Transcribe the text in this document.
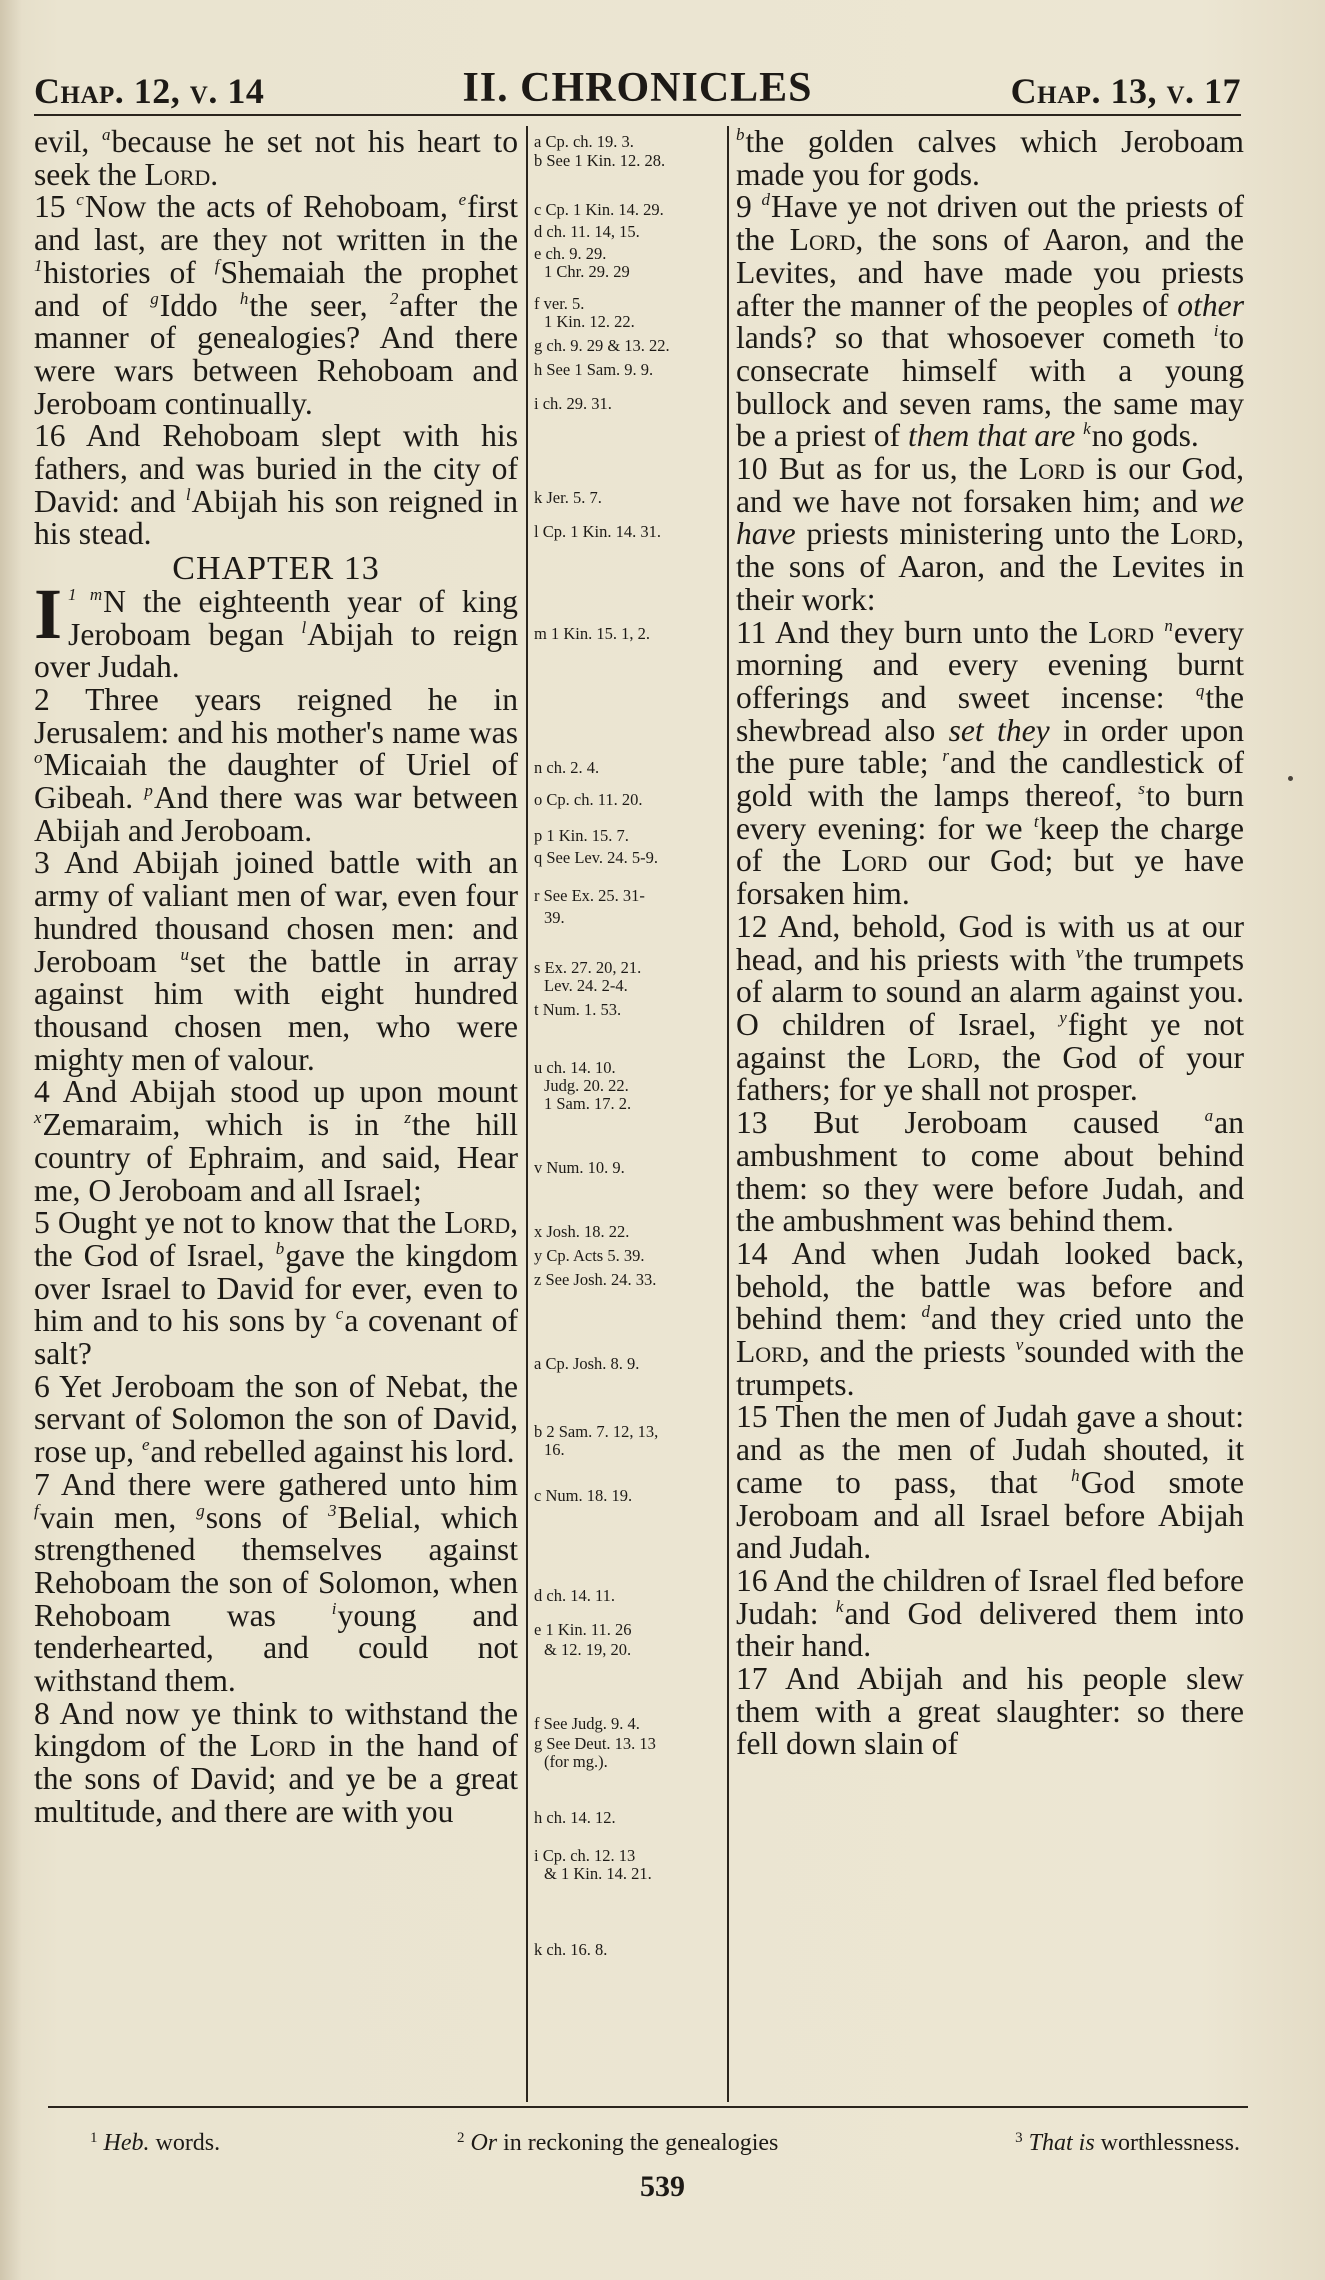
Chap. 12, v. 14	II. CHRONICLES	Chap. 13, v. 17

evil, $^a$because he set not his heart to seek the Lord.

15 $^c$Now the acts of Rehoboam, $^e$first and last, are they not written in the $^1$histories of $^f$Shemaiah the prophet and of $^g$Iddo $^h$the seer, $^2$after the manner of genealogies? And there were wars between Rehoboam and Jeroboam continually.

16 And Rehoboam slept with his fathers, and was buried in the city of David: and $^l$Abijah his son reigned in his stead.

CHAPTER 13

$^{1 m}$
I N the eighteenth year of king Jeroboam began $^l$Abijah to reign over Judah.

2 Three years reigned he in Jerusalem: and his mother's name was $^o$Micaiah the daughter of Uriel of Gibeah. $^p$And there was war between Abijah and Jeroboam.

3 And Abijah joined battle with an army of valiant men of war, even four hundred thousand chosen men: and Jeroboam $^u$set the battle in array against him with eight hundred thousand chosen men, who were mighty men of valour.

4 And Abijah stood up upon mount $^x$Zemaraim, which is in $^z$the hill country of Ephraim, and said, Hear me, O Jeroboam and all Israel;

5 Ought ye not to know that the Lord, the God of Israel, $^b$gave the kingdom over Israel to David for ever, even to him and to his sons by $^c$a covenant of salt?

6 Yet Jeroboam the son of Nebat, the servant of Solomon the son of David, rose up, $^e$and rebelled against his lord.

7 And there were gathered unto him $^f$vain men, $^g$sons of $^3$Belial, which strengthened themselves against Rehoboam the son of Solomon, when Rehoboam was $^i$young and tenderhearted, and could not withstand them.

8 And now ye think to withstand the kingdom of the Lord in the hand of the sons of David; and ye be a great multitude, and there are with you

a Cp. ch. 19. 3.
b See 1 Kin. 12. 28.
c Cp. 1 Kin. 14. 29.
d ch. 11. 14, 15.
e ch. 9. 29.
1 Chr. 29. 29
f ver. 5.
1 Kin. 12. 22.
g ch. 9. 29 & 13. 22.
h See 1 Sam. 9. 9.
i ch. 29. 31.
k Jer. 5. 7.
l Cp. 1 Kin. 14. 31.
m 1 Kin. 15. 1, 2.
n ch. 2. 4.
o Cp. ch. 11. 20.
p 1 Kin. 15. 7.
q See Lev. 24. 5-9.
r See Ex. 25. 31-
39.
s Ex. 27. 20, 21.
Lev. 24. 2-4.
t Num. 1. 53.
u ch. 14. 10.
Judg. 20. 22.
1 Sam. 17. 2.
v Num. 10. 9.
x Josh. 18. 22.
y Cp. Acts 5. 39.
z See Josh. 24. 33.
a Cp. Josh. 8. 9.
b 2 Sam. 7. 12, 13,
16.
c Num. 18. 19.
d ch. 14. 11.
e 1 Kin. 11. 26
& 12. 19, 20.
f See Judg. 9. 4.
g See Deut. 13. 13
(for mg.).
h ch. 14. 12.
i Cp. ch. 12. 13
& 1 Kin. 14. 21.
k ch. 16. 8.

$^b$the golden calves which Jeroboam made you for gods.

9 $^d$Have ye not driven out the priests of the Lord, the sons of Aaron, and the Levites, and have made you priests after the manner of the peoples of other lands? so that whosoever cometh $^i$to consecrate himself with a young bullock and seven rams, the same may be a priest of them that are $^k$no gods.

10 But as for us, the Lord is our God, and we have not forsaken him; and we have priests ministering unto the Lord, the sons of Aaron, and the Levites in their work:

11 And they burn unto the Lord $^n$every morning and every evening burnt offerings and sweet incense: $^q$the shewbread also set they in order upon the pure table; $^r$and the candlestick of gold with the lamps thereof, $^s$to burn every evening: for we $^t$keep the charge of the Lord our God; but ye have forsaken him.

12 And, behold, God is with us at our head, and his priests with $^v$the trumpets of alarm to sound an alarm against you. O children of Israel, $^y$fight ye not against the Lord, the God of your fathers; for ye shall not prosper.

13 But Jeroboam caused $^a$an ambushment to come about behind them: so they were before Judah, and the ambushment was behind them.

14 And when Judah looked back, behold, the battle was before and behind them: $^d$and they cried unto the Lord, and the priests $^v$sounded with the trumpets.

15 Then the men of Judah gave a shout: and as the men of Judah shouted, it came to pass, that $^h$God smote Jeroboam and all Israel before Abijah and Judah.

16 And the children of Israel fled before Judah: $^k$and God delivered them into their hand.

17 And Abijah and his people slew them with a great slaughter: so there fell down slain of

$^1$ Heb. words.	$^2$ Or in reckoning the genealogies	$^3$ That is worthlessness.
539
